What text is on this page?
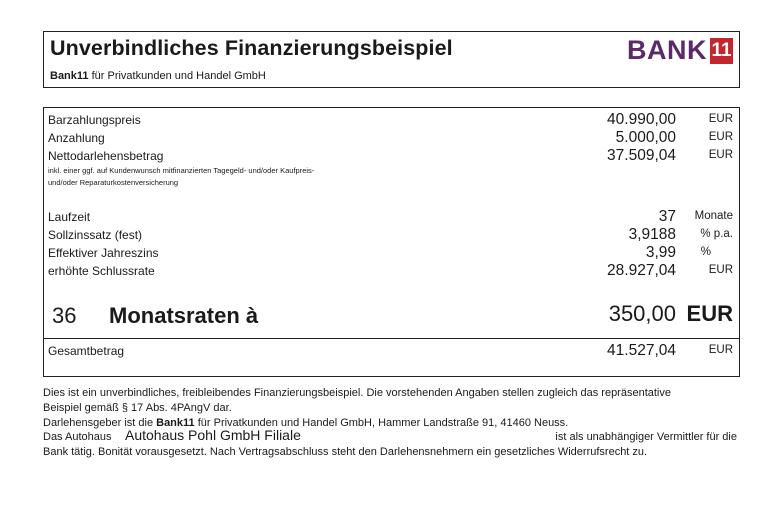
Unverbindliches Finanzierungsbeispiel
Bank11 für Privatkunden und Handel GmbH
BANK 11
Barzahlungspreis	40.990,00	EUR
Anzahlung	5.000,00	EUR
Nettodarlehensbetrag	37.509,04	EUR
inkl. einer ggf. auf Kundenwunsch mitfinanzierten Tagegeld- und/oder Kaufpreis-
und/oder Reparaturkostenversicherung
Laufzeit	37 Monate
Sollzinssatz (fest)	3,9188 % p.a.
Effektiver Jahreszins	3,99 %
erhöhte Schlussrate	28.927,04	EUR
36 Monatsraten à	350,00 EUR
Gesamtbetrag	41.527,04	EUR

Dies ist ein unverbindliches, freibleibendes Finanzierungsbeispiel. Die vorstehenden Angaben stellen zugleich das repräsentative

Beispiel gemäß § 17 Abs. 4PAngV dar.

Darlehensgeber ist die Bank11 für Privatkunden und Handel GmbH, Hammer Landstraße 91, 41460 Neuss.

Das Autohaus Autohaus Pohl GmbH Filiale	ist als unabhängiger Vermittler für die

Bank tätig. Bonität vorausgesetzt. Nach Vertragsabschluss steht den Darlehensnehmern ein gesetzliches Widerrufsrecht zu.
